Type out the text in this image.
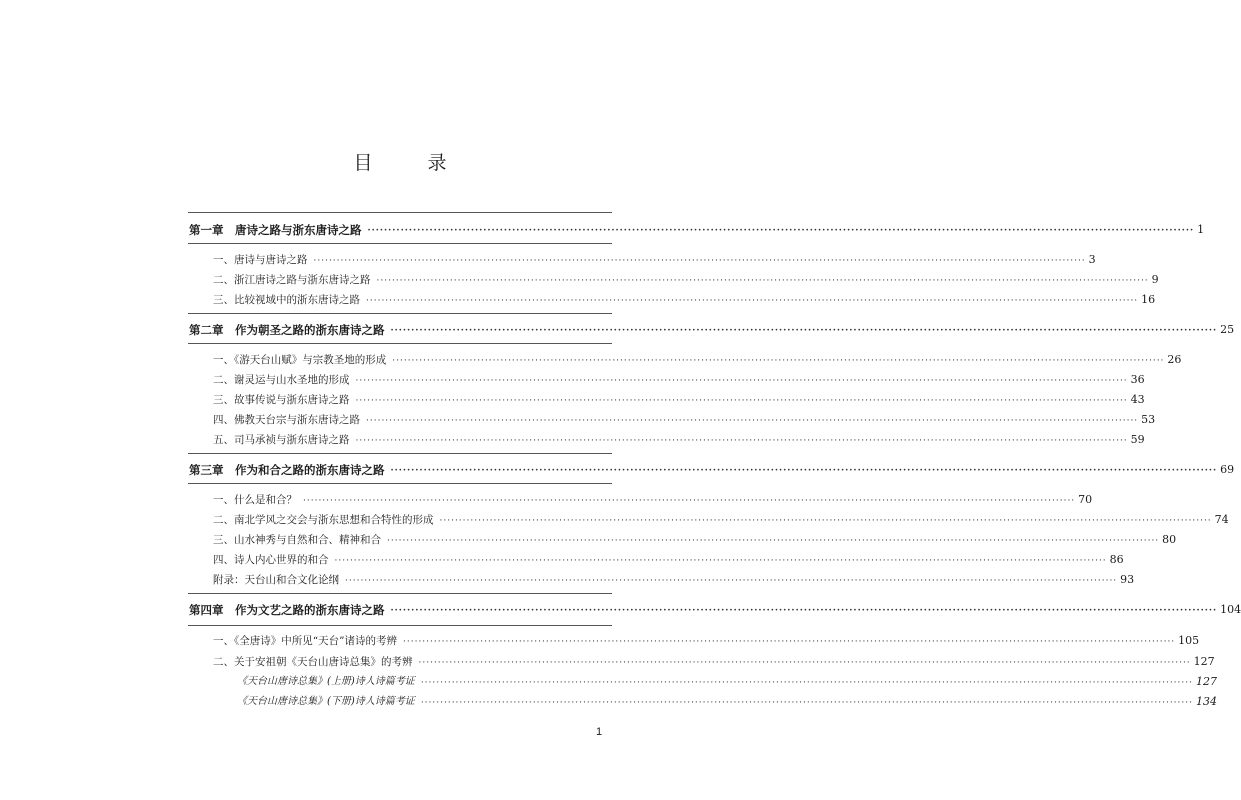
目　录
第一章　唐诗之路与浙东唐诗之路 ········································································································································································································ 1
一、唐诗与唐诗之路 ········································································································································································································ 3
二、浙江唐诗之路与浙东唐诗之路 ········································································································································································································ 9
三、比较视域中的浙东唐诗之路 ········································································································································································································ 16
第二章　作为朝圣之路的浙东唐诗之路 ········································································································································································································ 25
一、《游天台山赋》与宗教圣地的形成 ········································································································································································································ 26
二、谢灵运与山水圣地的形成 ········································································································································································································ 36
三、故事传说与浙东唐诗之路 ········································································································································································································ 43
四、佛教天台宗与浙东唐诗之路 ········································································································································································································ 53
五、司马承祯与浙东唐诗之路 ········································································································································································································ 59
第三章　作为和合之路的浙东唐诗之路 ········································································································································································································ 69
一、什么是和合？ ········································································································································································································ 70
二、南北学风之交会与浙东思想和合特性的形成 ········································································································································································································ 74
三、山水神秀与自然和合、精神和合 ········································································································································································································ 80
四、诗人内心世界的和合 ········································································································································································································ 86
附录：天台山和合文化论纲 ········································································································································································································ 93
第四章　作为文艺之路的浙东唐诗之路 ········································································································································································································ 104
一、《全唐诗》中所见“天台”诸诗的考辨 ········································································································································································································ 105
二、关于安祖朝《天台山唐诗总集》的考辨 ········································································································································································································ 127
《天台山唐诗总集》(上册)诗人诗篇考证 ········································································································································································································ 127
《天台山唐诗总集》(下册)诗人诗篇考证 ········································································································································································································ 134
1
